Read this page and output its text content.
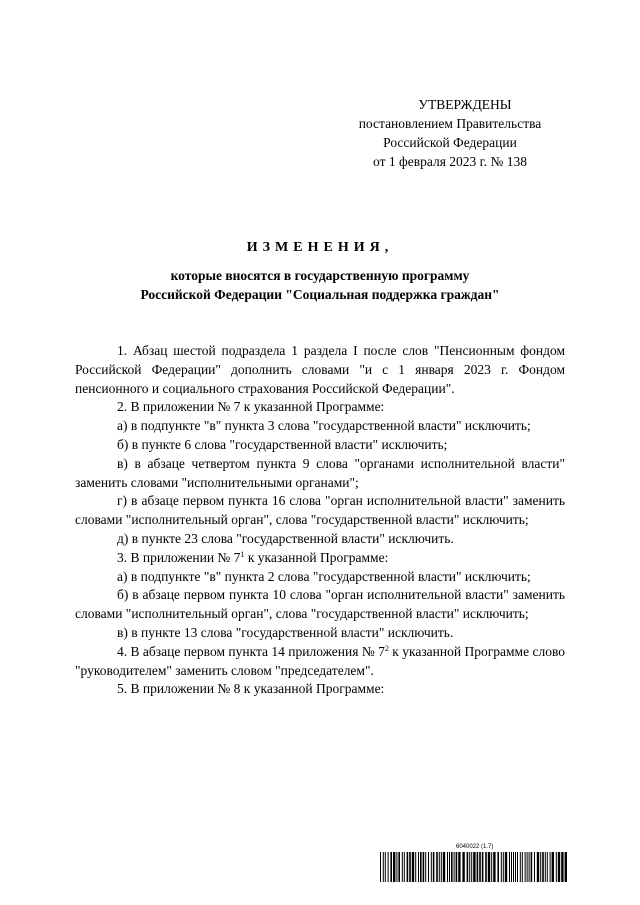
УТВЕРЖДЕНЫ
постановлением Правительства
Российской Федерации
от 1 февраля 2023 г. № 138
ИЗМЕНЕНИЯ,
которые вносятся в государственную программу
Российской Федерации "Социальная поддержка граждан"

1. Абзац шестой подраздела 1 раздела I после слов "Пенсионным фондом Российской Федерации" дополнить словами "и с 1 января 2023 г. Фондом пенсионного и социального страхования Российской Федерации".

2. В приложении № 7 к указанной Программе:

а) в подпункте "в" пункта 3 слова "государственной власти" исключить;

б) в пункте 6 слова "государственной власти" исключить;

в) в абзаце четвертом пункта 9 слова "органами исполнительной власти" заменить словами "исполнительными органами";

г) в абзаце первом пункта 16 слова "орган исполнительной власти" заменить словами "исполнительный орган", слова "государственной власти" исключить;

д) в пункте 23 слова "государственной власти" исключить.

3. В приложении № $7^1$ к указанной Программе:

а) в подпункте "в" пункта 2 слова "государственной власти" исключить;

б) в абзаце первом пункта 10 слова "орган исполнительной власти" заменить словами "исполнительный орган", слова "государственной власти" исключить;

в) в пункте 13 слова "государственной власти" исключить.

4. В абзаце первом пункта 14 приложения № $7^2$ к указанной Программе слово "руководителем" заменить словом "председателем".

5. В приложении № 8 к указанной Программе:

6040022 (1.7)
